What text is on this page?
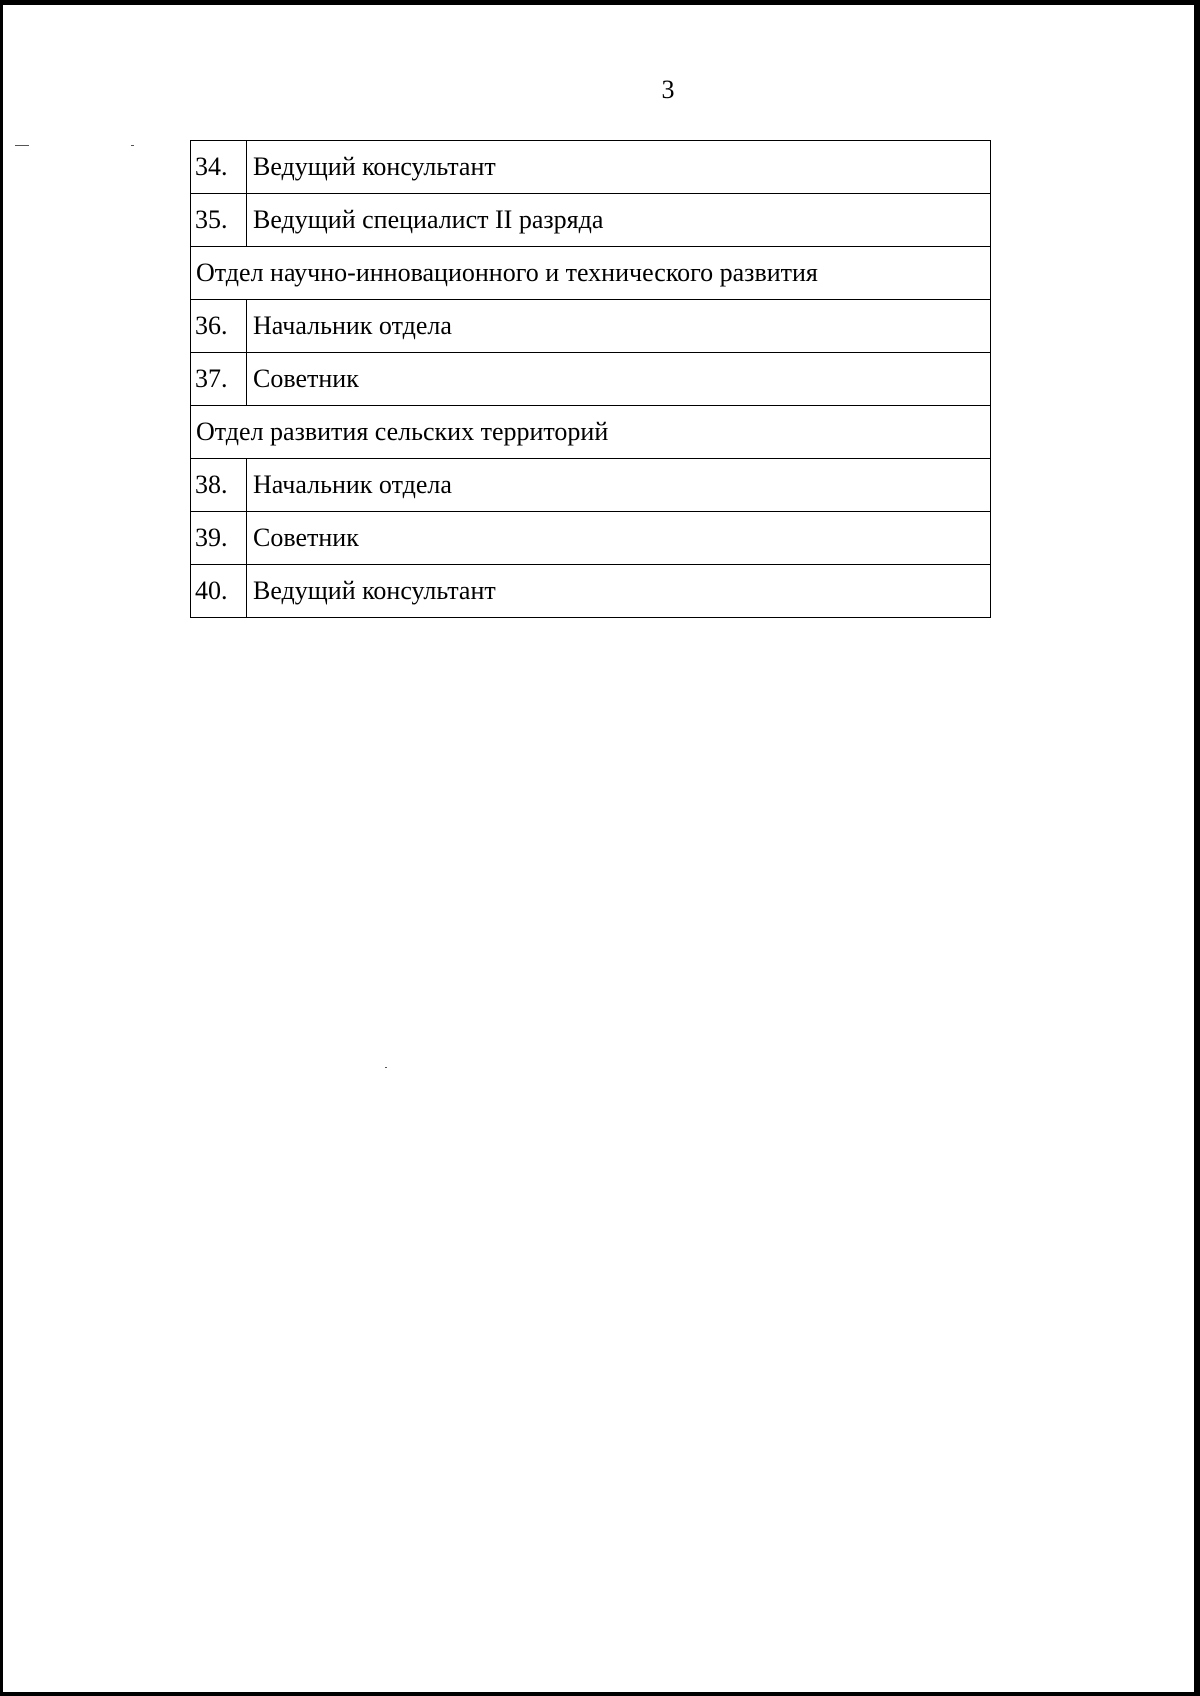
3
34.	Ведущий консультант
35.	Ведущий специалист II разряда
Отдел научно-инновационного и технического развития	
36.	Начальник отдела
37.	Советник
Отдел развития сельских территорий	
38.	Начальник отдела
39.	Советник
40.	Ведущий консультант
